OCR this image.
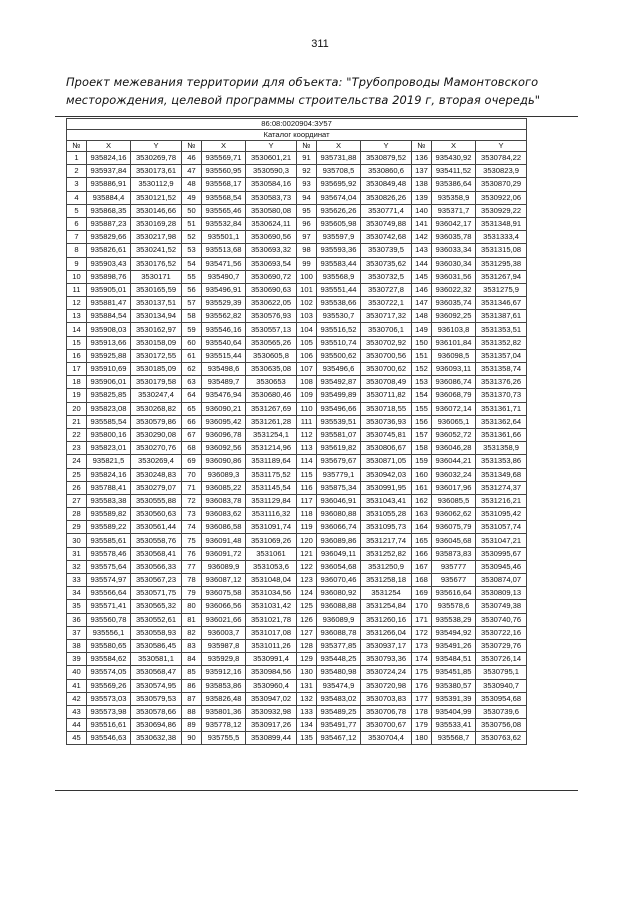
311
Проект межевания территории для объекта: "Трубопроводы Мамонтовского
месторождения, целевой программы строительства 2019 г, вторая очередь"
86:08:0020904:ЗУ57											
Каталог координат											
№	X	Y	№	X	Y	№	X	Y	№	X	Y
1	935824,16	3530269,78	46	935569,71	3530601,21	91	935731,88	3530879,52	136	935430,92	3530784,22
2	935937,84	3530173,61	47	935560,95	3530590,3	92	935708,5	3530860,6	137	935411,52	3530823,9
3	935886,91	3530112,9	48	935568,17	3530584,16	93	935695,92	3530849,48	138	935386,64	3530870,29
4	935884,4	3530121,52	49	935568,54	3530583,73	94	935674,04	3530826,26	139	935358,9	3530922,06
5	935868,35	3530146,66	50	935565,46	3530580,08	95	935626,26	3530771,4	140	935371,7	3530929,22
6	935887,23	3530169,28	51	935532,84	3530624,11	96	935605,98	3530749,88	141	936042,17	3531348,91
7	935829,66	3530217,98	52	935501,1	3530690,56	97	935597,9	3530742,68	142	936035,78	3531333,4
8	935826,61	3530241,52	53	935513,68	3530693,32	98	935593,36	3530739,5	143	936033,34	3531315,08
9	935903,43	3530176,52	54	935471,56	3530693,54	99	935583,44	3530735,62	144	936030,34	3531295,38
10	935898,76	3530171	55	935490,7	3530690,72	100	935568,9	3530732,5	145	936031,56	3531267,94
11	935905,01	3530165,59	56	935496,91	3530690,63	101	935551,44	3530727,8	146	936022,32	3531275,9
12	935881,47	3530137,51	57	935529,39	3530622,05	102	935538,66	3530722,1	147	936035,74	3531346,67
13	935884,54	3530134,94	58	935562,82	3530576,93	103	935530,7	3530717,32	148	936092,25	3531387,61
14	935908,03	3530162,97	59	935546,16	3530557,13	104	935516,52	3530706,1	149	936103,8	3531353,51
15	935913,66	3530158,09	60	935540,64	3530565,26	105	935510,74	3530702,92	150	936101,84	3531352,82
16	935925,88	3530172,55	61	935515,44	3530605,8	106	935500,62	3530700,56	151	936098,5	3531357,04
17	935910,69	3530185,09	62	935498,6	3530635,08	107	935496,6	3530700,62	152	936093,11	3531358,74
18	935906,01	3530179,58	63	935489,7	3530653	108	935492,87	3530708,49	153	936086,74	3531376,26
19	935825,85	3530247,4	64	935476,94	3530680,46	109	935499,89	3530711,82	154	936068,79	3531370,73
20	935823,08	3530268,82	65	936090,21	3531267,69	110	935496,66	3530718,55	155	936072,14	3531361,71
21	935585,54	3530579,86	66	936095,42	3531261,28	111	935539,51	3530736,93	156	936065,1	3531362,64
22	935800,16	3530290,08	67	936096,78	3531254,1	112	935581,07	3530745,81	157	936052,72	3531361,66
23	935823,01	3530270,76	68	936092,56	3531214,96	113	935619,82	3530806,67	158	936046,28	3531358,9
24	935821,5	3530269,4	69	936090,86	3531189,64	114	935679,67	3530871,05	159	936044,21	3531353,86
25	935824,16	3530248,83	70	936089,3	3531175,52	115	935779,1	3530942,03	160	936032,24	3531349,68
26	935788,41	3530279,07	71	936085,22	3531145,54	116	935875,34	3530991,95	161	936017,96	3531274,37
27	935583,38	3530555,88	72	936083,78	3531129,84	117	936046,91	3531043,41	162	936085,5	3531216,21
28	935589,82	3530560,63	73	936083,62	3531116,32	118	936080,88	3531055,28	163	936062,62	3531095,42
29	935589,22	3530561,44	74	936086,58	3531091,74	119	936066,74	3531095,73	164	936075,79	3531057,74
30	935585,61	3530558,76	75	936091,48	3531069,26	120	936089,86	3531217,74	165	936045,68	3531047,21
31	935578,46	3530568,41	76	936091,72	3531061	121	936049,11	3531252,82	166	935873,83	3530995,67
32	935575,64	3530566,33	77	936089,9	3531053,6	122	936054,68	3531250,9	167	935777	3530945,46
33	935574,97	3530567,23	78	936087,12	3531048,04	123	936070,46	3531258,18	168	935677	3530874,07
34	935566,64	3530571,75	79	936075,58	3531034,56	124	936080,92	3531254	169	935616,64	3530809,13
35	935571,41	3530565,32	80	936066,56	3531031,42	125	936088,88	3531254,84	170	935578,6	3530749,38
36	935560,78	3530552,61	81	936021,66	3531021,78	126	936089,9	3531260,16	171	935538,29	3530740,76
37	935556,1	3530558,93	82	936003,7	3531017,08	127	936088,78	3531266,04	172	935494,92	3530722,16
38	935580,65	3530586,45	83	935987,8	3531011,26	128	935377,85	3530937,17	173	935491,26	3530729,76
39	935584,62	3530581,1	84	935929,8	3530991,4	129	935448,25	3530793,36	174	935484,51	3530726,14
40	935574,05	3530568,47	85	935912,16	3530984,56	130	935480,98	3530724,24	175	935451,85	3530795,1
41	935569,26	3530574,95	86	935853,86	3530960,4	131	935474,9	3530720,98	176	935380,57	3530940,7
42	935573,03	3530579,53	87	935826,48	3530947,02	132	935483,02	3530703,83	177	935391,39	3530954,68
43	935573,98	3530578,66	88	935801,36	3530932,98	133	935489,25	3530706,78	178	935404,99	3530739,6
44	935516,61	3530694,86	89	935778,12	3530917,26	134	935491,77	3530700,67	179	935533,41	3530756,08
45	935546,63	3530632,38	90	935755,5	3530899,44	135	935467,12	3530704,4	180	935568,7	3530763,62
